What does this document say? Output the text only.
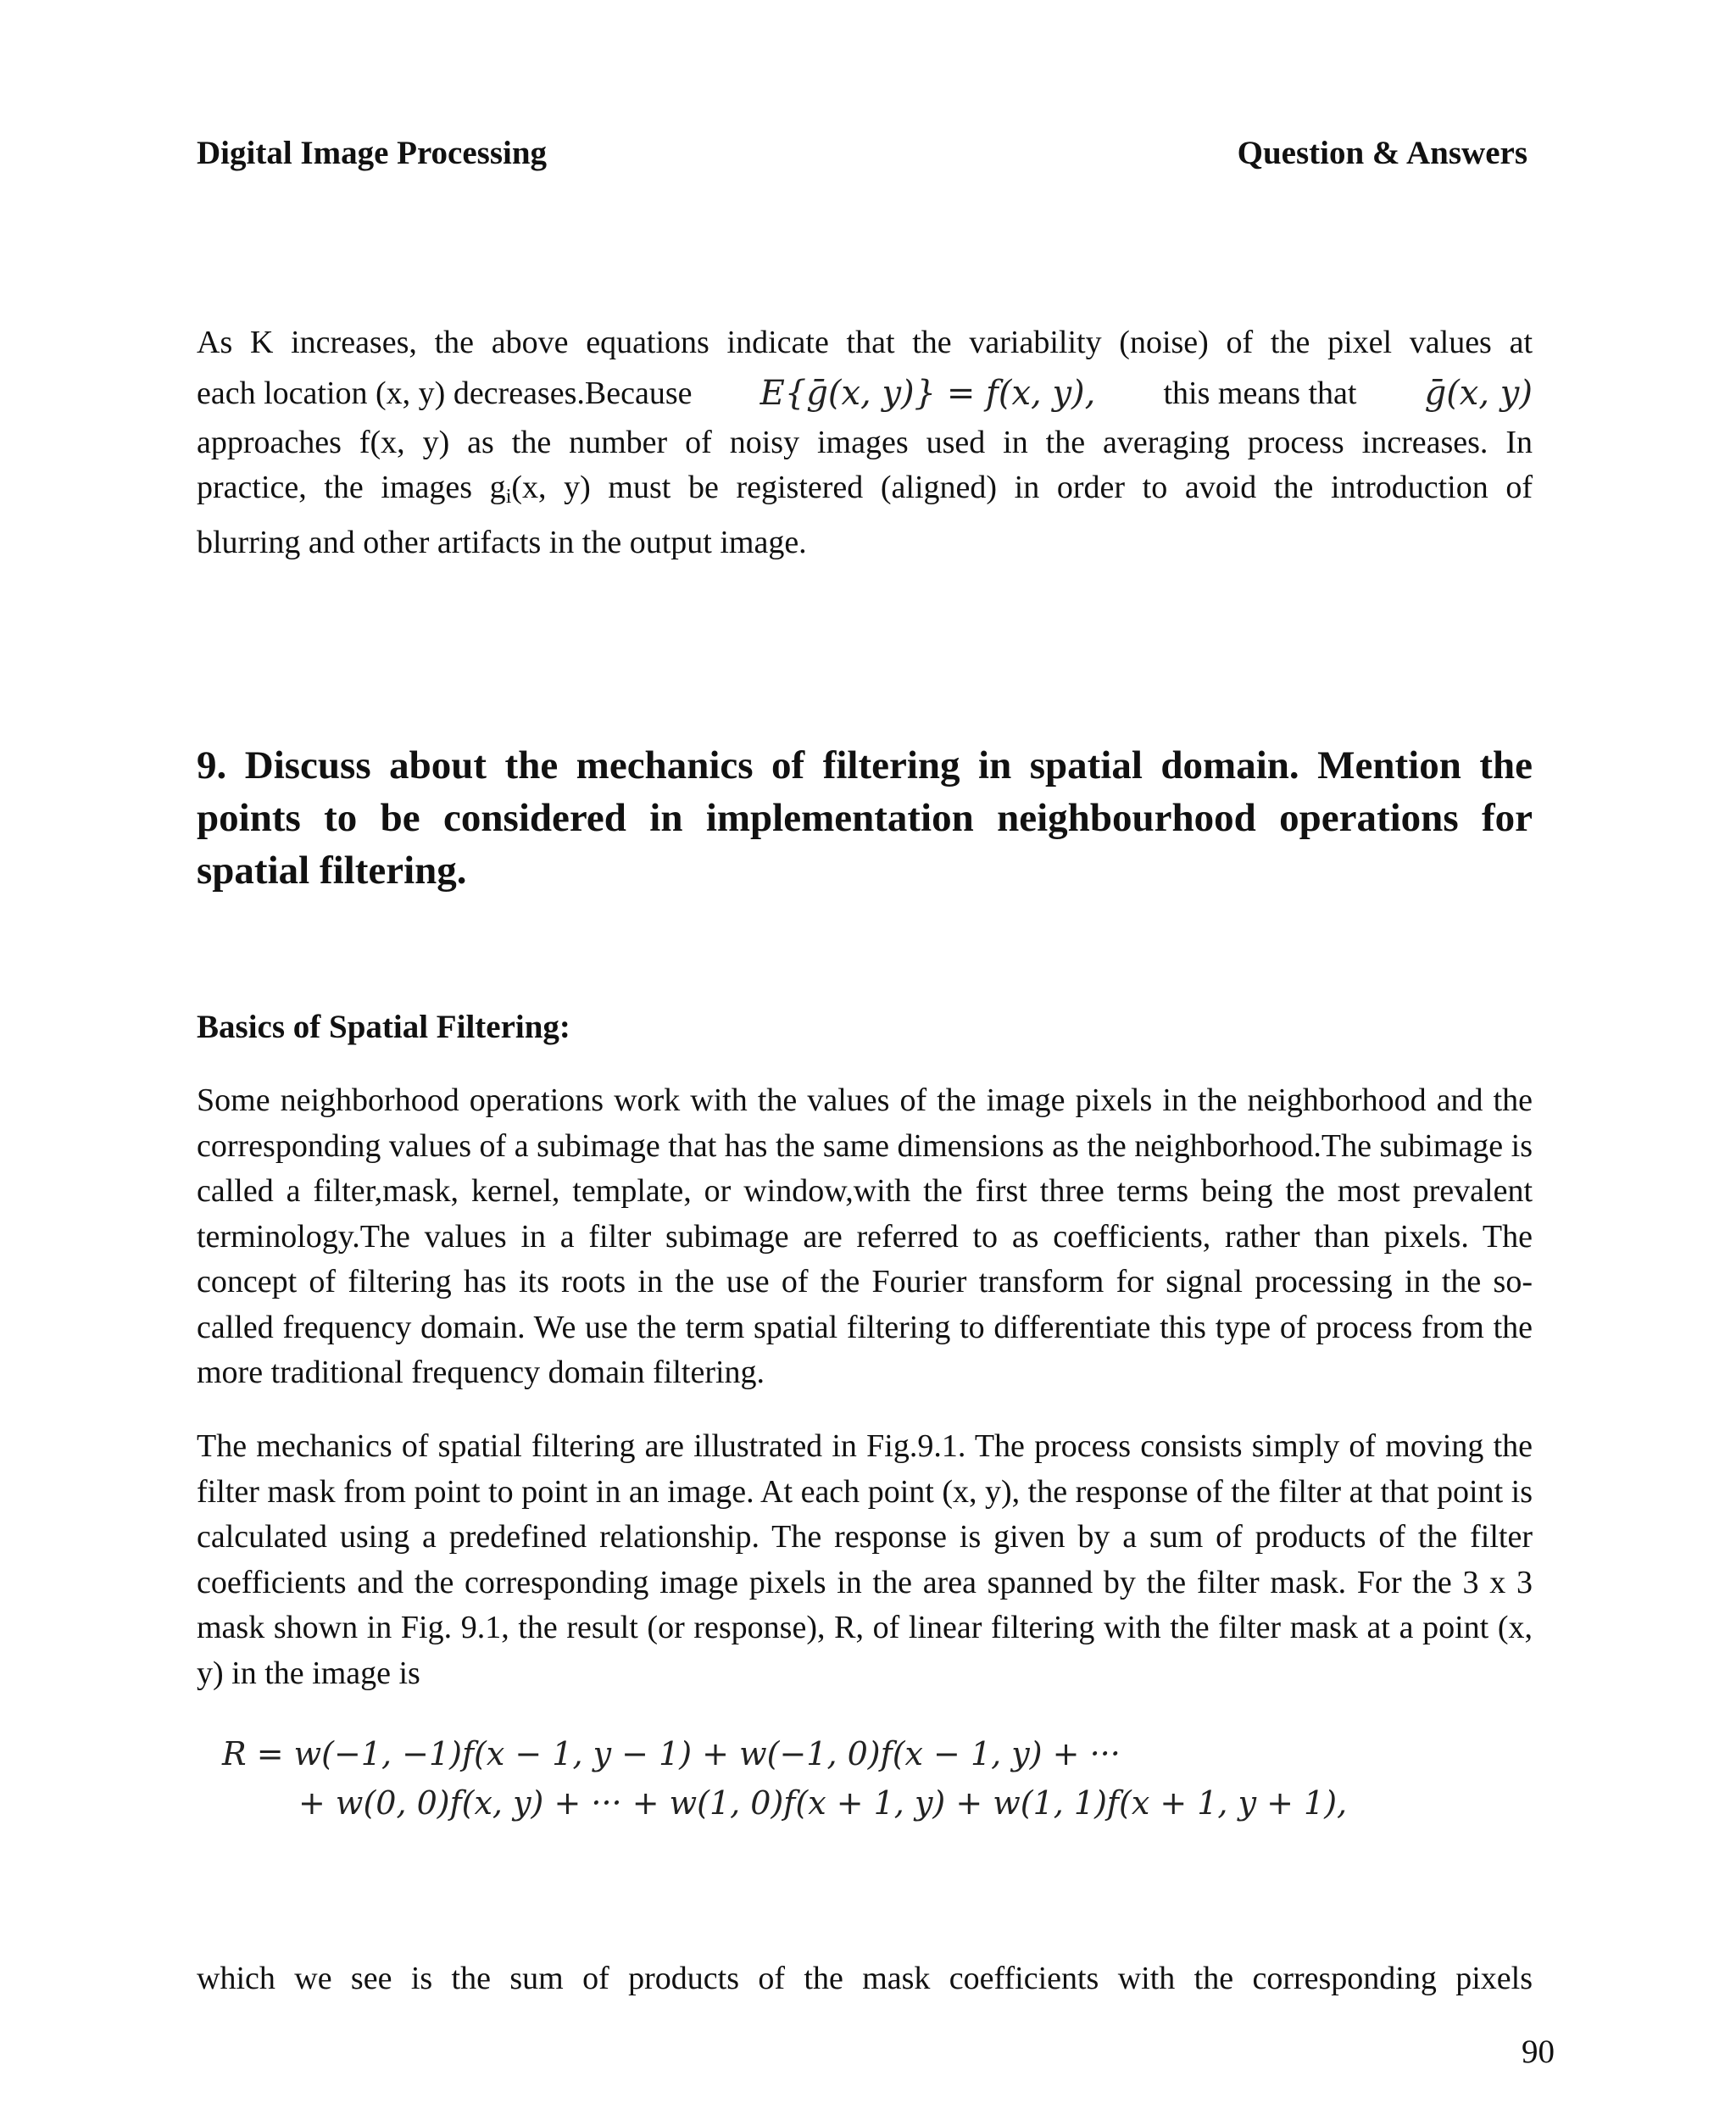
Digital Image Processing	Question & Answers
As K increases, the above equations indicate that the variability (noise) of the pixel values at
each location (x, y) decreases.Because E{ḡ(x, y)} = f(x, y), this means that ḡ(x, y)
approaches f(x, y) as the number of noisy images used in the averaging process increases. In
practice, the images $g_i(x$, y) must be registered (aligned) in order to avoid the introduction of
blurring and other artifacts in the output image.
9. Discuss about the mechanics of filtering in spatial domain. Mention the points to be considered in implementation neighbourhood operations for spatial filtering.
Basics of Spatial Filtering:
Some neighborhood operations work with the values of the image pixels in the neighborhood and the corresponding values of a subimage that has the same dimensions as the neighborhood.The subimage is called a filter,mask, kernel, template, or window,with the first three terms being the most prevalent terminology.The values in a filter subimage are referred to as coefficients, rather than pixels. The concept of filtering has its roots in the use of the Fourier transform for signal processing in the so-called frequency domain. We use the term spatial filtering to differentiate this type of process from the more traditional frequency domain filtering.
The mechanics of spatial filtering are illustrated in Fig.9.1. The process consists simply of moving the filter mask from point to point in an image. At each point (x, y), the response of the filter at that point is calculated using a predefined relationship. The response is given by a sum of products of the filter coefficients and the corresponding image pixels in the area spanned by the filter mask. For the 3 x 3 mask shown in Fig. 9.1, the result (or response), R, of linear filtering with the filter mask at a point (x, y) in the image is
R = w(−1, −1)f(x − 1, y − 1) + w(−1, 0)f(x − 1, y) + ···
+ w(0, 0)f(x, y) + ··· + w(1, 0)f(x + 1, y) + w(1, 1)f(x + 1, y + 1),
which we see is the sum of products of the mask coefficients with the corresponding pixels
90
